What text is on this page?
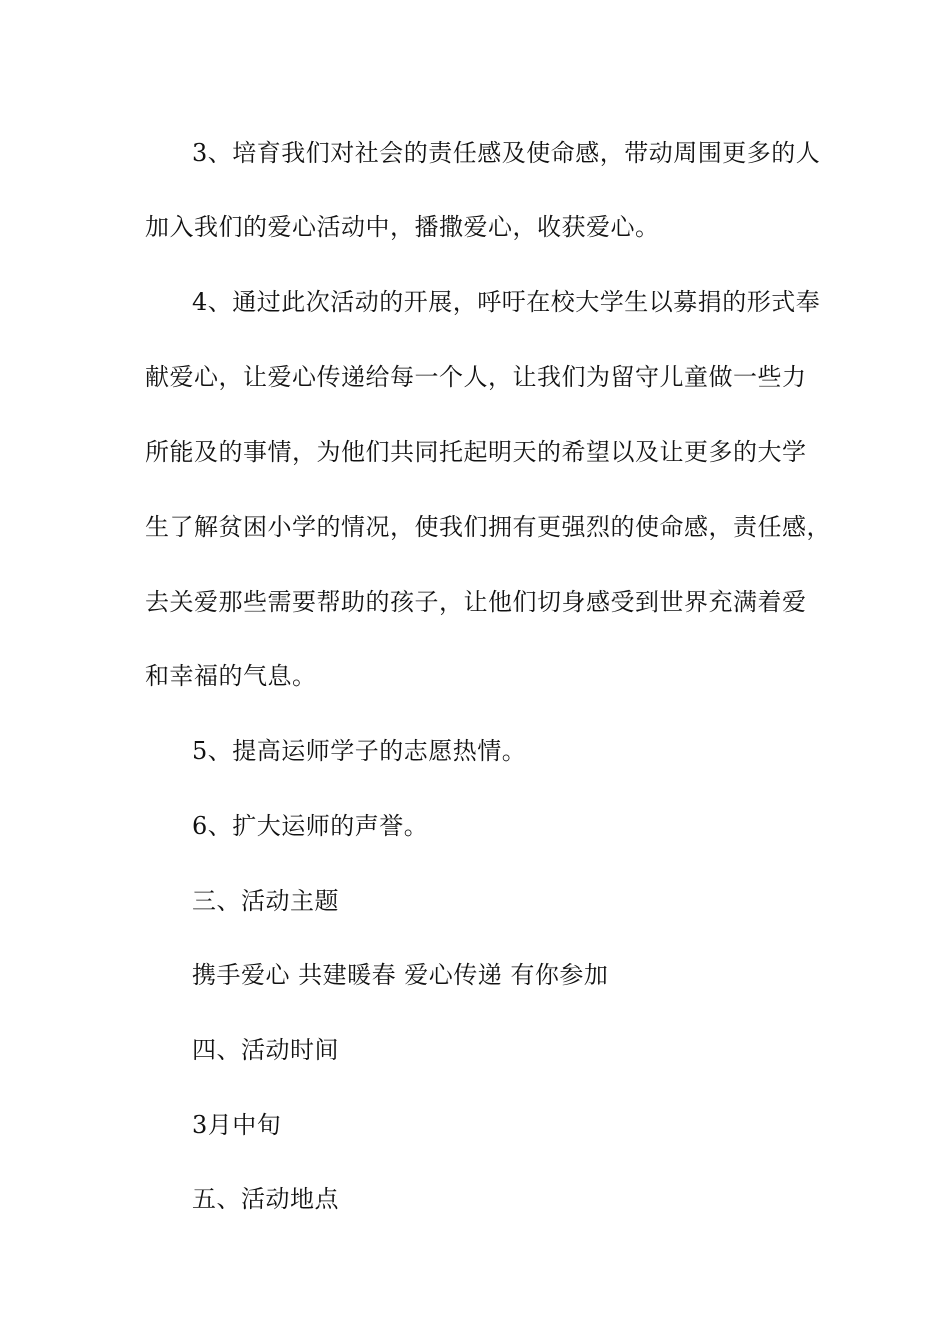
3、培育我们对社会的责任感及使命感，带动周围更多的人

加入我们的爱心活动中，播撒爱心，收获爱心。

4、通过此次活动的开展，呼吁在校大学生以募捐的形式奉

献爱心，让爱心传递给每一个人，让我们为留守儿童做一些力

所能及的事情，为他们共同托起明天的希望以及让更多的大学

生了解贫困小学的情况，使我们拥有更强烈的使命感，责任感，

去关爱那些需要帮助的孩子，让他们切身感受到世界充满着爱

和幸福的气息。

5、提高运师学子的志愿热情。

6、扩大运师的声誉。

三、活动主题

携手爱心 共建暖春 爱心传递 有你参加

四、活动时间

3月中旬

五、活动地点
